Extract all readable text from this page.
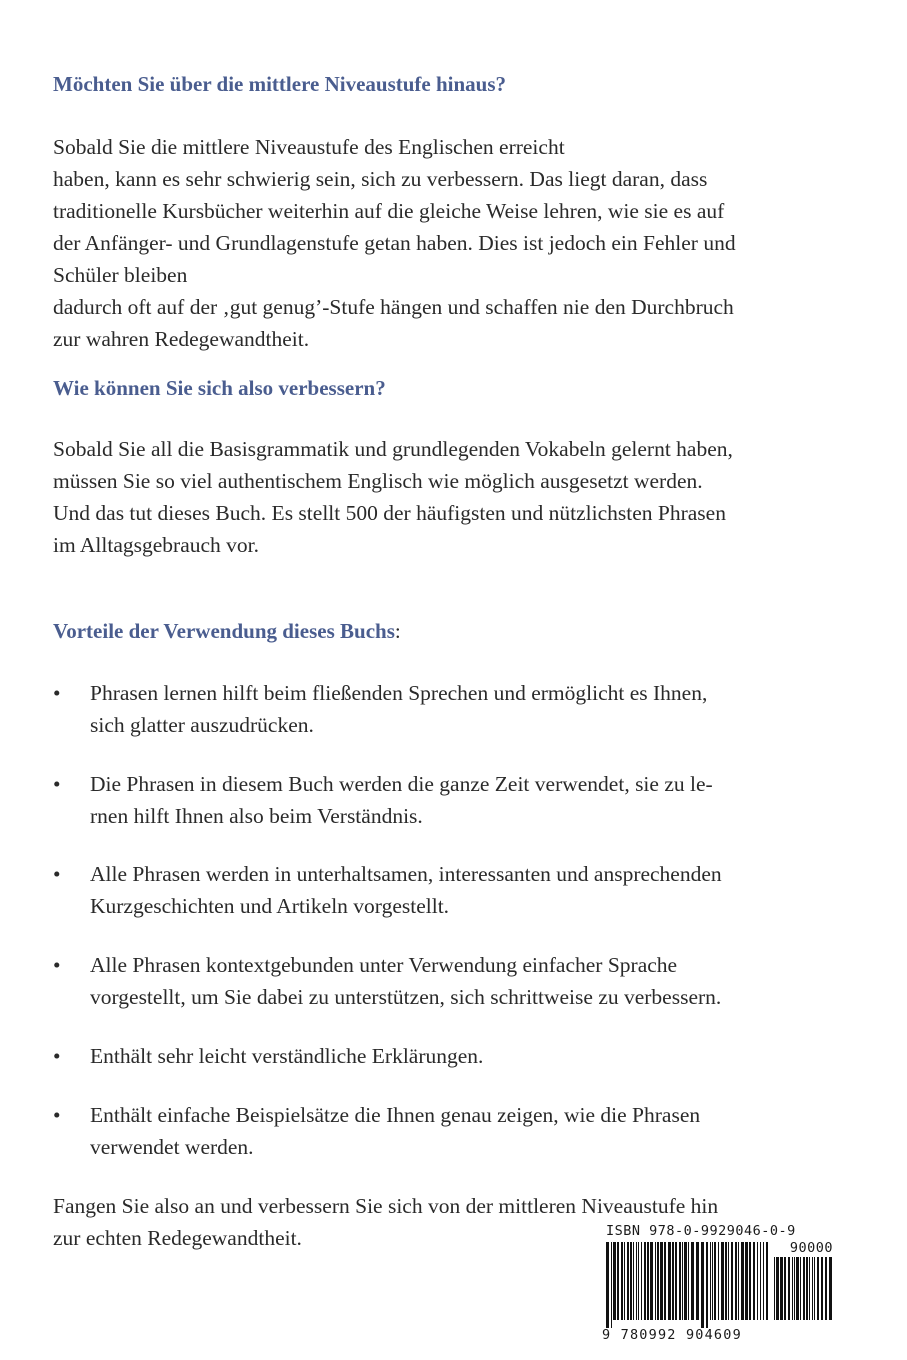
Möchten Sie über die mittlere Niveaustufe hinaus?
Sobald Sie die mittlere Niveaustufe des Englischen erreicht
haben, kann es sehr schwierig sein, sich zu verbessern. Das liegt daran, dass
traditionelle Kursbücher weiterhin auf die gleiche Weise lehren, wie sie es auf
der Anfänger- und Grundlagenstufe getan haben. Dies ist jedoch ein Fehler und
Schüler bleiben
dadurch oft auf der ‚gut genug’-Stufe hängen und schaffen nie den Durchbruch
zur wahren Redegewandtheit.
Wie können Sie sich also verbessern?
Sobald Sie all die Basisgrammatik und grundlegenden Vokabeln gelernt haben,
müssen Sie so viel authentischem Englisch wie möglich ausgesetzt werden.
Und das tut dieses Buch. Es stellt 500 der häufigsten und nützlichsten Phrasen
im Alltagsgebrauch vor.
Vorteile der Verwendung dieses Buchs:
• Phrasen lernen hilft beim fließenden Sprechen und ermöglicht es Ihnen,
sich glatter auszudrücken.
• Die Phrasen in diesem Buch werden die ganze Zeit verwendet, sie zu le-
rnen hilft Ihnen also beim Verständnis.
• Alle Phrasen werden in unterhaltsamen, interessanten und ansprechenden
Kurzgeschichten und Artikeln vorgestellt.
• Alle Phrasen kontextgebunden unter Verwendung einfacher Sprache
vorgestellt, um Sie dabei zu unterstützen, sich schrittweise zu verbessern.
• Enthält sehr leicht verständliche Erklärungen.
• Enthält einfache Beispielsätze die Ihnen genau zeigen, wie die Phrasen
verwendet werden.
Fangen Sie also an und verbessern Sie sich von der mittleren Niveaustufe hin
zur echten Redegewandtheit.	ISBN 978-0-9929046-0-9
90000
9 780992 904609
